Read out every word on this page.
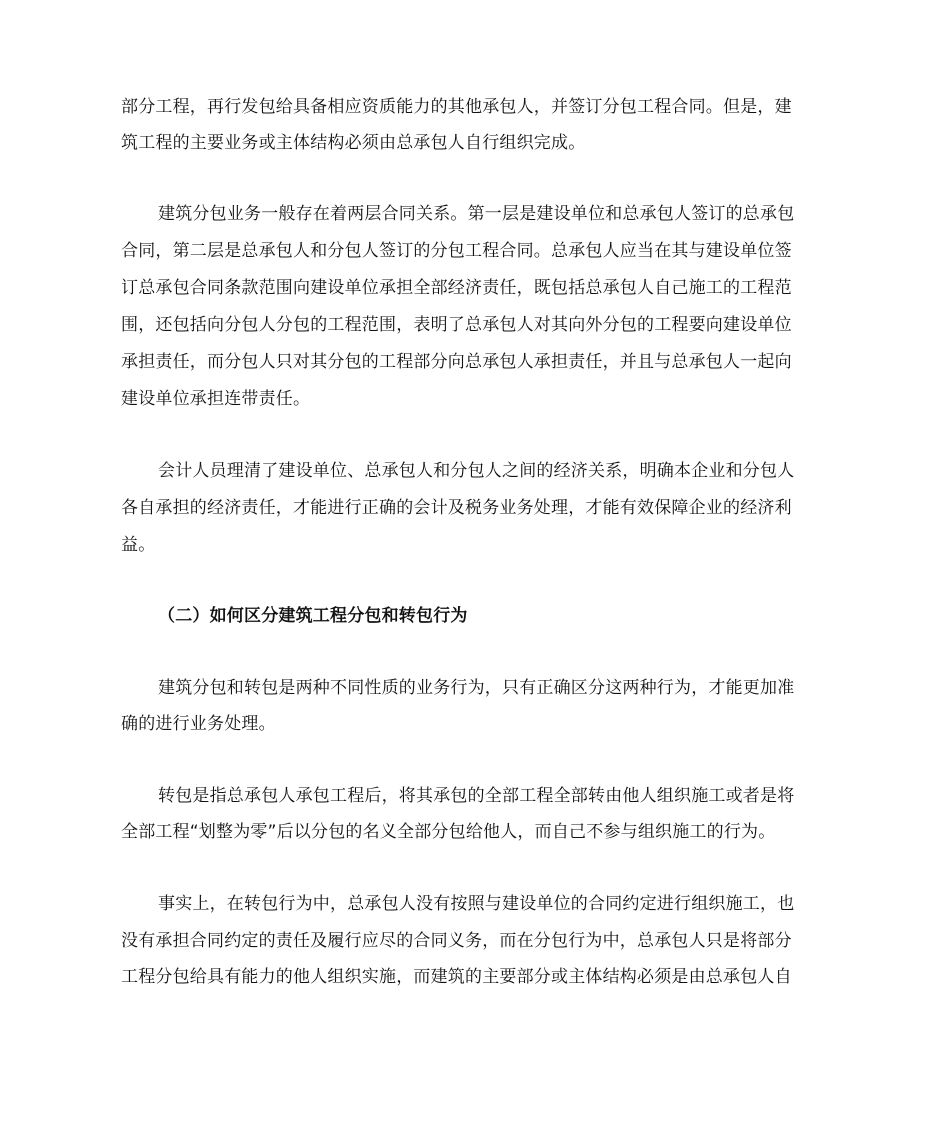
部分工程，再行发包给具备相应资质能力的其他承包人，并签订分包工程合同。但是，建
筑工程的主要业务或主体结构必须由总承包人自行组织完成。
建筑分包业务一般存在着两层合同关系。第一层是建设单位和总承包人签订的总承包
合同，第二层是总承包人和分包人签订的分包工程合同。总承包人应当在其与建设单位签
订总承包合同条款范围向建设单位承担全部经济责任，既包括总承包人自己施工的工程范
围，还包括向分包人分包的工程范围，表明了总承包人对其向外分包的工程要向建设单位
承担责任，而分包人只对其分包的工程部分向总承包人承担责任，并且与总承包人一起向
建设单位承担连带责任。
会计人员理清了建设单位、总承包人和分包人之间的经济关系，明确本企业和分包人
各自承担的经济责任，才能进行正确的会计及税务业务处理，才能有效保障企业的经济利
益。
（二）如何区分建筑工程分包和转包行为
建筑分包和转包是两种不同性质的业务行为，只有正确区分这两种行为，才能更加准
确的进行业务处理。
转包是指总承包人承包工程后，将其承包的全部工程全部转由他人组织施工或者是将
全部工程“划整为零”后以分包的名义全部分包给他人，而自己不参与组织施工的行为。
事实上，在转包行为中，总承包人没有按照与建设单位的合同约定进行组织施工，也
没有承担合同约定的责任及履行应尽的合同义务，而在分包行为中，总承包人只是将部分
工程分包给具有能力的他人组织实施，而建筑的主要部分或主体结构必须是由总承包人自
